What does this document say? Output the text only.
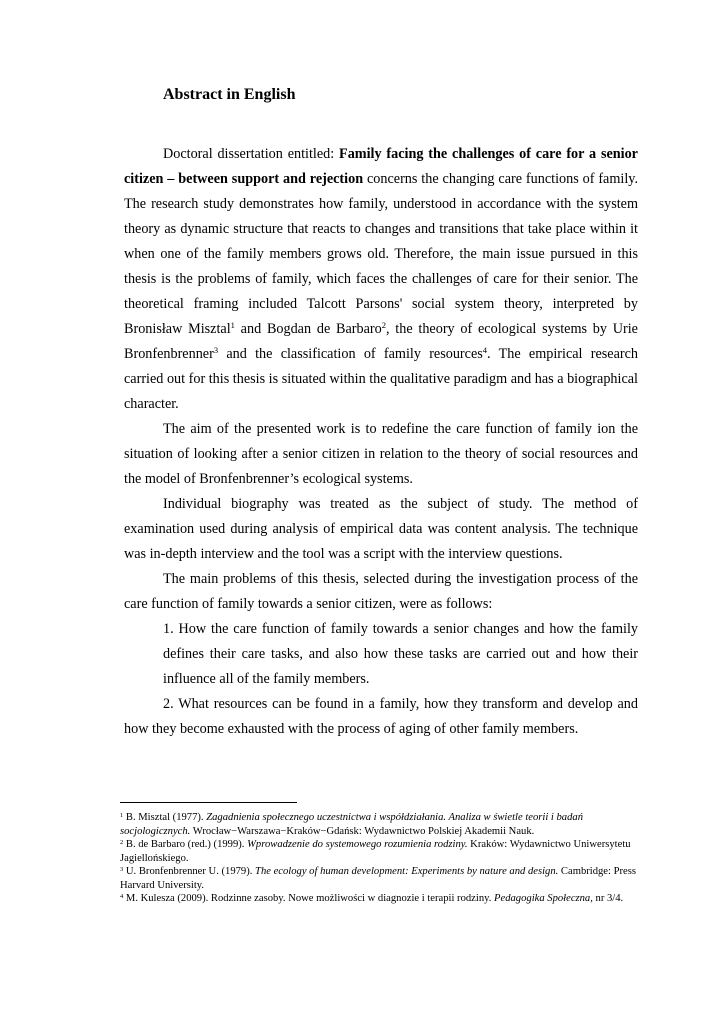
Abstract in English

Doctoral dissertation entitled: Family facing the challenges of care for a senior citizen – between support and rejection concerns the changing care functions of family. The research study demonstrates how family, understood in accordance with the system theory as dynamic structure that reacts to changes and transitions that take place within it when one of the family members grows old. Therefore, the main issue pursued in this thesis is the problems of family, which faces the challenges of care for their senior. The theoretical framing included Talcott Parsons' social system theory, interpreted by Bronisław Misztal$^1$ and Bogdan de Barbaro$^2$, the theory of ecological systems by Urie Bronfenbrenner$^3$ and the classification of family resources$^4$. The empirical research carried out for this thesis is situated within the qualitative paradigm and has a biographical character.

The aim of the presented work is to redefine the care function of family ion the situation of looking after a senior citizen in relation to the theory of social resources and the model of Bronfenbrenner’s ecological systems.

Individual biography was treated as the subject of study. The method of examination used during analysis of empirical data was content analysis. The technique was in-depth interview and the tool was a script with the interview questions.

The main problems of this thesis, selected during the investigation process of the care function of family towards a senior citizen, were as follows:

1. How the care function of family towards a senior changes and how the family defines their care tasks, and also how these tasks are carried out and how their influence all of the family members.

2. What resources can be found in a family, how they transform and develop and how they become exhausted with the process of aging of other family members.

$^1$ B. Misztal (1977). Zagadnienia społecznego uczestnictwa i współdziałania. Analiza w świetle teorii i badań socjologicznych. Wrocław−Warszawa−Kraków−Gdańsk: Wydawnictwo Polskiej Akademii Nauk.

$^2$ B. de Barbaro (red.) (1999). Wprowadzenie do systemowego rozumienia rodziny. Kraków: Wydawnictwo Uniwersytetu Jagiellońskiego.

$^3$ U. Bronfenbrenner U. (1979). The ecology of human development: Experiments by nature and design. Cambridge: Press Harvard University.

$^4$ M. Kulesza (2009). Rodzinne zasoby. Nowe możliwości w diagnozie i terapii rodziny. Pedagogika Społeczna, nr 3/4.
